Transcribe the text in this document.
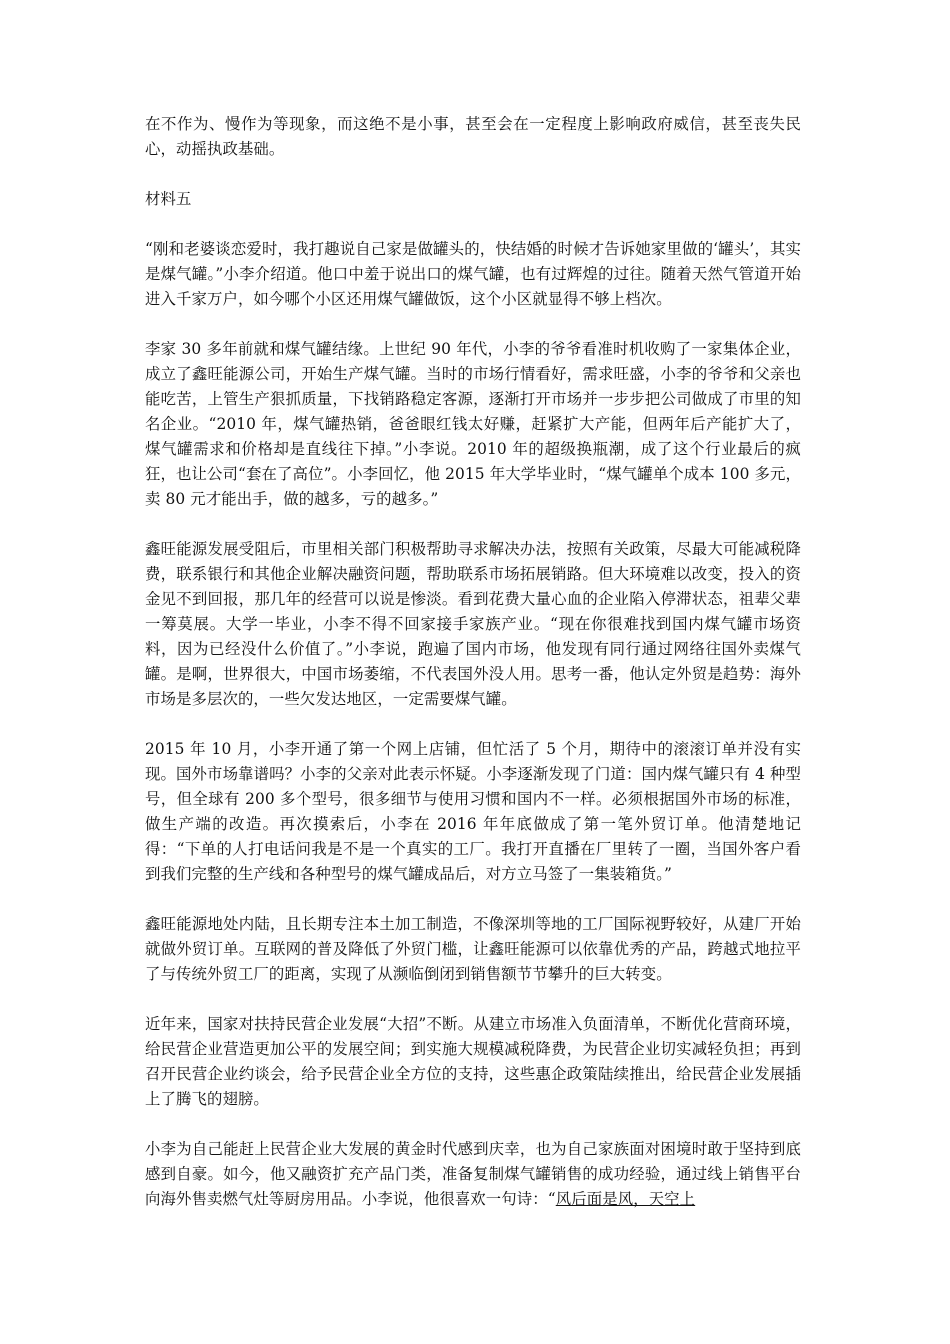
在不作为、慢作为等现象，而这绝不是小事，甚至会在一定程度上影响政府威信，甚至丧失民心，动摇执政基础。

材料五

“刚和老婆谈恋爱时，我打趣说自己家是做罐头的，快结婚的时候才告诉她家里做的‘罐头’，其实是煤气罐。”小李介绍道。他口中羞于说出口的煤气罐，也有过辉煌的过往。随着天然气管道开始进入千家万户，如今哪个小区还用煤气罐做饭，这个小区就显得不够上档次。

李家 30 多年前就和煤气罐结缘。上世纪 90 年代，小李的爷爷看准时机收购了一家集体企业，成立了鑫旺能源公司，开始生产煤气罐。当时的市场行情看好，需求旺盛，小李的爷爷和父亲也能吃苦，上管生产狠抓质量，下找销路稳定客源，逐渐打开市场并一步步把公司做成了市里的知名企业。“2010 年，煤气罐热销，爸爸眼红钱太好赚，赶紧扩大产能，但两年后产能扩大了，煤气罐需求和价格却是直线往下掉。”小李说。2010 年的超级换瓶潮，成了这个行业最后的疯狂，也让公司“套在了高位”。小李回忆，他 2015 年大学毕业时，“煤气罐单个成本 100 多元，卖 80 元才能出手，做的越多，亏的越多。”

鑫旺能源发展受阻后，市里相关部门积极帮助寻求解决办法，按照有关政策，尽最大可能减税降费，联系银行和其他企业解决融资问题，帮助联系市场拓展销路。但大环境难以改变，投入的资金见不到回报，那几年的经营可以说是惨淡。看到花费大量心血的企业陷入停滞状态，祖辈父辈一筹莫展。大学一毕业，小李不得不回家接手家族产业。“现在你很难找到国内煤气罐市场资料，因为已经没什么价值了。”小李说，跑遍了国内市场，他发现有同行通过网络往国外卖煤气罐。是啊，世界很大，中国市场萎缩，不代表国外没人用。思考一番，他认定外贸是趋势：海外市场是多层次的，一些欠发达地区，一定需要煤气罐。

2015 年 10 月，小李开通了第一个网上店铺，但忙活了 5 个月，期待中的滚滚订单并没有实现。国外市场靠谱吗？小李的父亲对此表示怀疑。小李逐渐发现了门道：国内煤气罐只有 4 种型号，但全球有 200 多个型号，很多细节与使用习惯和国内不一样。必须根据国外市场的标准，做生产端的改造。再次摸索后，小李在 2016 年年底做成了第一笔外贸订单。他清楚地记得：“下单的人打电话问我是不是一个真实的工厂。我打开直播在厂里转了一圈，当国外客户看到我们完整的生产线和各种型号的煤气罐成品后，对方立马签了一集装箱货。”

鑫旺能源地处内陆，且长期专注本土加工制造，不像深圳等地的工厂国际视野较好，从建厂开始就做外贸订单。互联网的普及降低了外贸门槛，让鑫旺能源可以依靠优秀的产品，跨越式地拉平了与传统外贸工厂的距离，实现了从濒临倒闭到销售额节节攀升的巨大转变。

近年来，国家对扶持民营企业发展“大招”不断。从建立市场准入负面清单，不断优化营商环境，给民营企业营造更加公平的发展空间；到实施大规模减税降费，为民营企业切实减轻负担；再到召开民营企业约谈会，给予民营企业全方位的支持，这些惠企政策陆续推出，给民营企业发展插上了腾飞的翅膀。

小李为自己能赶上民营企业大发展的黄金时代感到庆幸，也为自己家族面对困境时敢于坚持到底感到自豪。如今，他又融资扩充产品门类，准备复制煤气罐销售的成功经验，通过线上销售平台向海外售卖燃气灶等厨房用品。小李说，他很喜欢一句诗：“风后面是风，天空上
